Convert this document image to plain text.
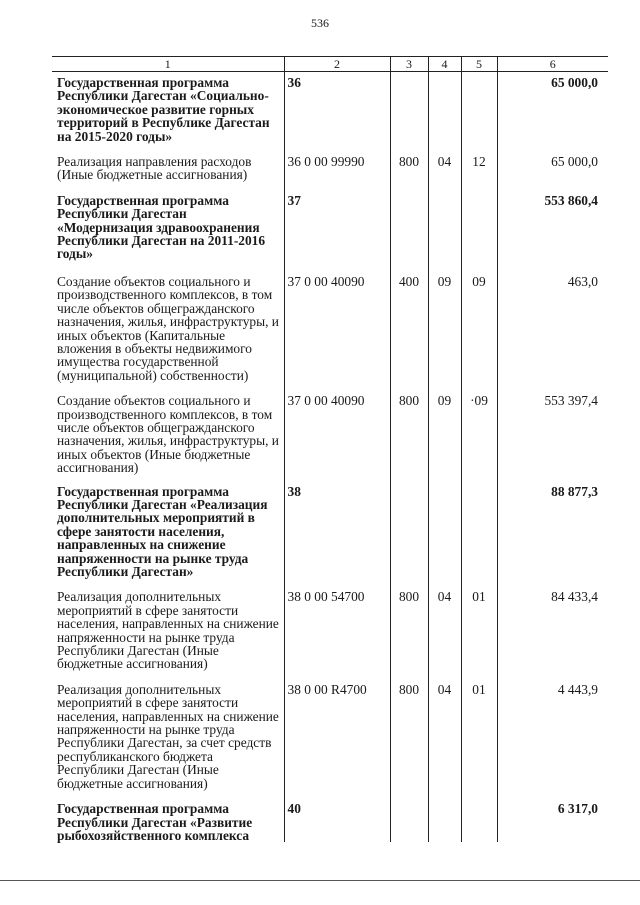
536
1	2	3	4	5	6
Государственная программа Республики Дагестан «Социально-экономическое развитие горных территорий в Республике Дагестан на 2015-2020 годы»	36				65 000,0
Реализация направления расходов (Иные бюджетные ассигнования)	36 0 00 99990	800	04	12	65 000,0
Государственная программа Республики Дагестан «Модернизация здравоохранения Республики Дагестан на 2011-2016 годы»	37				553 860,4
Создание объектов социального и производственного комплексов, в том числе объектов общегражданского назначения, жилья, инфраструктуры, и иных объектов (Капитальные вложения в объекты недвижимого имущества государственной (муниципальной) собственности)	37 0 00 40090	400	09	09	463,0
Создание объектов социального и производственного комплексов, в том числе объектов общегражданского назначения, жилья, инфраструктуры, и иных объектов (Иные бюджетные ассигнования)	37 0 00 40090	800	09	·09	553 397,4
Государственная программа Республики Дагестан «Реализация дополнительных мероприятий в сфере занятости населения, направленных на снижение напряженности на рынке труда Республики Дагестан»	38				88 877,3
Реализация дополнительных мероприятий в сфере занятости населения, направленных на снижение напряженности на рынке труда Республики Дагестан (Иные бюджетные ассигнования)	38 0 00 54700	800	04	01	84 433,4
Реализация дополнительных мероприятий в сфере занятости населения, направленных на снижение напряженности на рынке труда Республики Дагестан, за счет средств республиканского бюджета Республики Дагестан (Иные бюджетные ассигнования)	38 0 00 R4700	800	04	01	4 443,9
Государственная программа Республики Дагестан «Развитие рыбохозяйственного комплекса	40				6 317,0
